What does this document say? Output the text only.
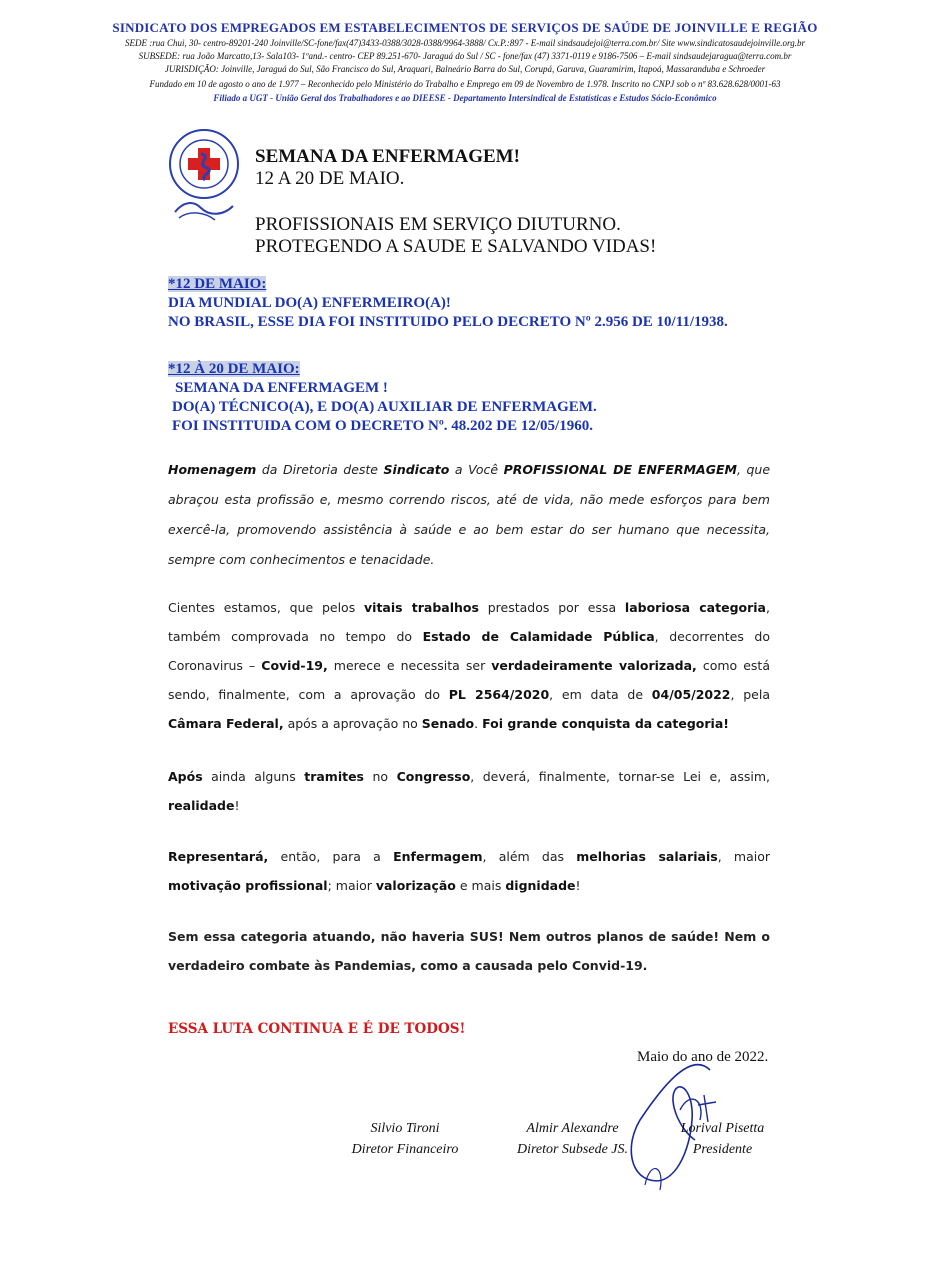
SINDICATO DOS EMPREGADOS EM ESTABELECIMENTOS DE SERVIÇOS DE SAÚDE DE JOINVILLE E REGIÃO
SEDE :rua Chui, 30- centro-89201-240 Joinville/SC-fone/fax(47)3433-0388/3028-0388/9964-3888/ Cx.P.:897 - E-mail sindsaudejoi@terra.com.br/ Site www.sindicatosaudejoinville.org.br
SUBSEDE: rua João Marcatto,13- Sala103- 1ºand.- centro- CEP 89.251-670- Jaraguá do Sul / SC - fone/fax (47) 3371-0119 e 9186-7506 – E-mail sindsaudejaragua@terra.com.br
JURISDIÇÃO: Joinville, Jaraguá do Sul, São Francisco do Sul, Araquari, Balneário Barra do Sul, Corupá, Garuva, Guaramirim, Itapoá, Massaranduba e Schroeder
Fundado em 10 de agosto o ano de 1.977 – Reconhecido pelo Ministério do Trabalho e Emprego em 09 de Novembro de 1.978. Inscrito no CNPJ sob o nº 83.628.628/0001-63
Filiado a UGT - União Geral dos Trabalhadores e ao DIEESE - Departamento Intersindical de Estatísticas e Estudos Sócio-Econômico
SEMANA DA ENFERMAGEM!
12 A 20 DE MAIO.
PROFISSIONAIS EM SERVIÇO DIUTURNO.
PROTEGENDO A SAUDE E SALVANDO VIDAS!
*12 DE MAIO:
DIA MUNDIAL DO(A) ENFERMEIRO(A)!
NO BRASIL, ESSE DIA FOI INSTITUIDO PELO DECRETO Nº 2.956 DE 10/11/1938.
*12 À 20 DE MAIO:
SEMANA DA ENFERMAGEM !
DO(A) TÉCNICO(A), E DO(A) AUXILIAR DE ENFERMAGEM.
FOI INSTITUIDA COM O DECRETO Nº. 48.202 DE 12/05/1960.
Homenagem da Diretoria deste Sindicato a Você PROFISSIONAL DE ENFERMAGEM, que abraçou esta profissão e, mesmo correndo riscos, até de vida, não mede esforços para bem exercê-la, promovendo assistência à saúde e ao bem estar do ser humano que necessita, sempre com conhecimentos e tenacidade.
Cientes estamos, que pelos vitais trabalhos prestados por essa laboriosa categoria, também comprovada no tempo do Estado de Calamidade Pública, decorrentes do Coronavirus – Covid-19, merece e necessita ser verdadeiramente valorizada, como está sendo, finalmente, com a aprovação do PL 2564/2020, em data de 04/05/2022, pela Câmara Federal, após a aprovação no Senado. Foi grande conquista da categoria!
Após ainda alguns tramites no Congresso, deverá, finalmente, tornar-se Lei e, assim, realidade!
Representará, então, para a Enfermagem, além das melhorias salariais, maior motivação profissional; maior valorização e mais dignidade!
Sem essa categoria atuando, não haveria SUS! Nem outros planos de saúde! Nem o verdadeiro combate às Pandemias, como a causada pelo Convid-19.
ESSA LUTA CONTINUA E É DE TODOS!
Maio do ano de 2022.
Silvio Tironi
Diretor Financeiro
Almir Alexandre
Diretor Subsede JS.
Lorival Pisetta
Presidente
